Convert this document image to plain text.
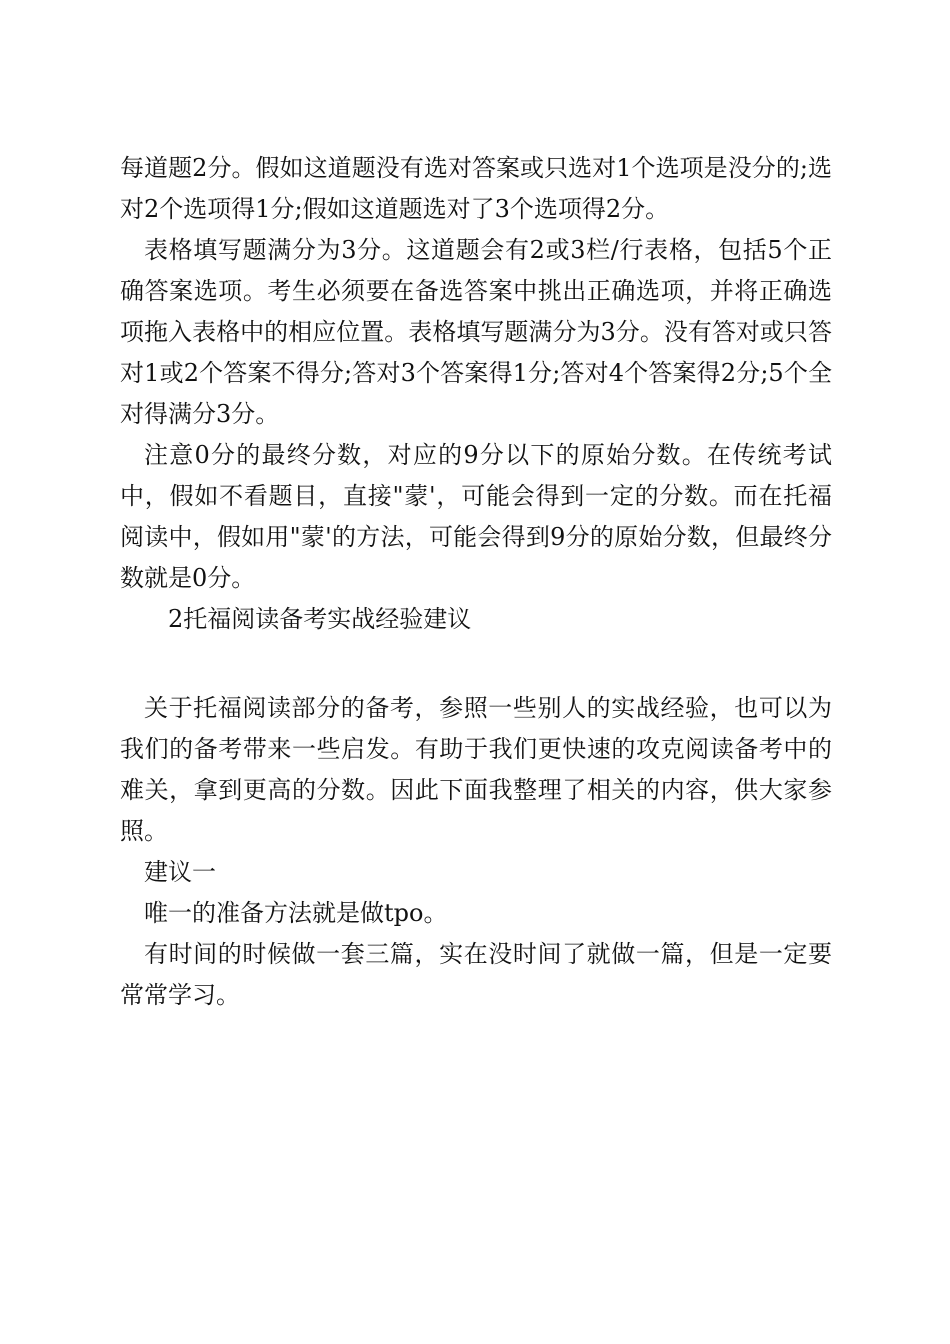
每道题2分。假如这道题没有选对答案或只选对1个选项是没分的;选对2个选项得1分;假如这道题选对了3个选项得2分。

表格填写题满分为3分。这道题会有2或3栏/行表格，包括5个正确答案选项。考生必须要在备选答案中挑出正确选项，并将正确选项拖入表格中的相应位置。表格填写题满分为3分。没有答对或只答对1或2个答案不得分;答对3个答案得1分;答对4个答案得2分;5个全对得满分3分。

注意0分的最终分数，对应的9分以下的原始分数。在传统考试中，假如不看题目，直接"蒙'，可能会得到一定的分数。而在托福阅读中，假如用"蒙'的方法，可能会得到9分的原始分数，但最终分数就是0分。

2托福阅读备考实战经验建议

关于托福阅读部分的备考，参照一些别人的实战经验，也可以为我们的备考带来一些启发。有助于我们更快速的攻克阅读备考中的难关，拿到更高的分数。因此下面我整理了相关的内容，供大家参照。

建议一

唯一的准备方法就是做tpo。

有时间的时候做一套三篇，实在没时间了就做一篇，但是一定要常常学习。
